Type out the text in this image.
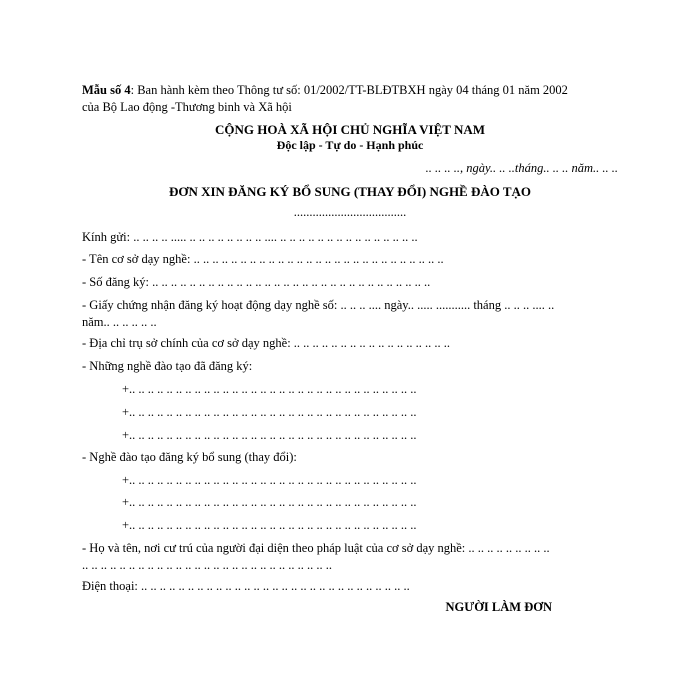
Mẫu số 4: Ban hành kèm theo Thông tư số: 01/2002/TT-BLĐTBXH ngày 04 tháng 01 năm 2002
của Bộ Lao động -Thương binh và Xã hội
CỘNG HOÀ XÃ HỘI CHỦ NGHĨA VIỆT NAM
Độc lập - Tự do - Hạnh phúc
.. .. .. .., ngày.. .. ..tháng.. .. .. năm.. .. ..
ĐƠN XIN ĐĂNG KÝ BỔ SUNG (THAY ĐỔI) NGHỀ ĐÀO TẠO
....................................
Kính gửi: .. .. .. .. ..... .. .. .. .. .. .. .. .. .... .. .. .. .. .. .. .. .. .. .. .. .. .. .. ..
- Tên cơ sở dạy nghề: .. .. .. .. .. .. .. .. .. .. .. .. .. .. .. .. .. .. .. .. .. .. .. .. .. .. ..
- Số đăng ký: .. .. .. .. .. .. .. .. .. .. .. .. .. .. .. .. .. .. .. .. .. .. .. .. .. .. .. .. .. ..
- Giấy chứng nhận đăng ký hoạt động dạy nghề số: .. .. .. .... ngày.. ..... ........... tháng .. .. .. .... ..
năm.. .. .. .. .. ..
- Địa chỉ trụ sở chính của cơ sở dạy nghề: .. .. .. .. .. .. .. .. .. .. .. .. .. .. .. .. ..
- Những nghề đào tạo đã đăng ký:
+.. .. .. .. .. .. .. .. .. .. .. .. .. .. .. .. .. .. .. .. .. .. .. .. .. .. .. .. .. .. ..
+.. .. .. .. .. .. .. .. .. .. .. .. .. .. .. .. .. .. .. .. .. .. .. .. .. .. .. .. .. .. ..
+.. .. .. .. .. .. .. .. .. .. .. .. .. .. .. .. .. .. .. .. .. .. .. .. .. .. .. .. .. .. ..
- Nghề đào tạo đăng ký bổ sung (thay đổi):
+.. .. .. .. .. .. .. .. .. .. .. .. .. .. .. .. .. .. .. .. .. .. .. .. .. .. .. .. .. .. ..
+.. .. .. .. .. .. .. .. .. .. .. .. .. .. .. .. .. .. .. .. .. .. .. .. .. .. .. .. .. .. ..
+.. .. .. .. .. .. .. .. .. .. .. .. .. .. .. .. .. .. .. .. .. .. .. .. .. .. .. .. .. .. ..
- Họ và tên, nơi cư trú của người đại diện theo pháp luật của cơ sở dạy nghề: .. .. .. .. .. .. .. .. ..
.. .. .. .. .. .. .. .. .. .. .. .. .. .. .. .. .. .. .. .. .. .. .. .. .. .. ..
Điện thoại: .. .. .. .. .. .. .. .. .. .. .. .. .. .. .. .. .. .. .. .. .. .. .. .. .. .. .. .. ..
NGƯỜI LÀM ĐƠN
